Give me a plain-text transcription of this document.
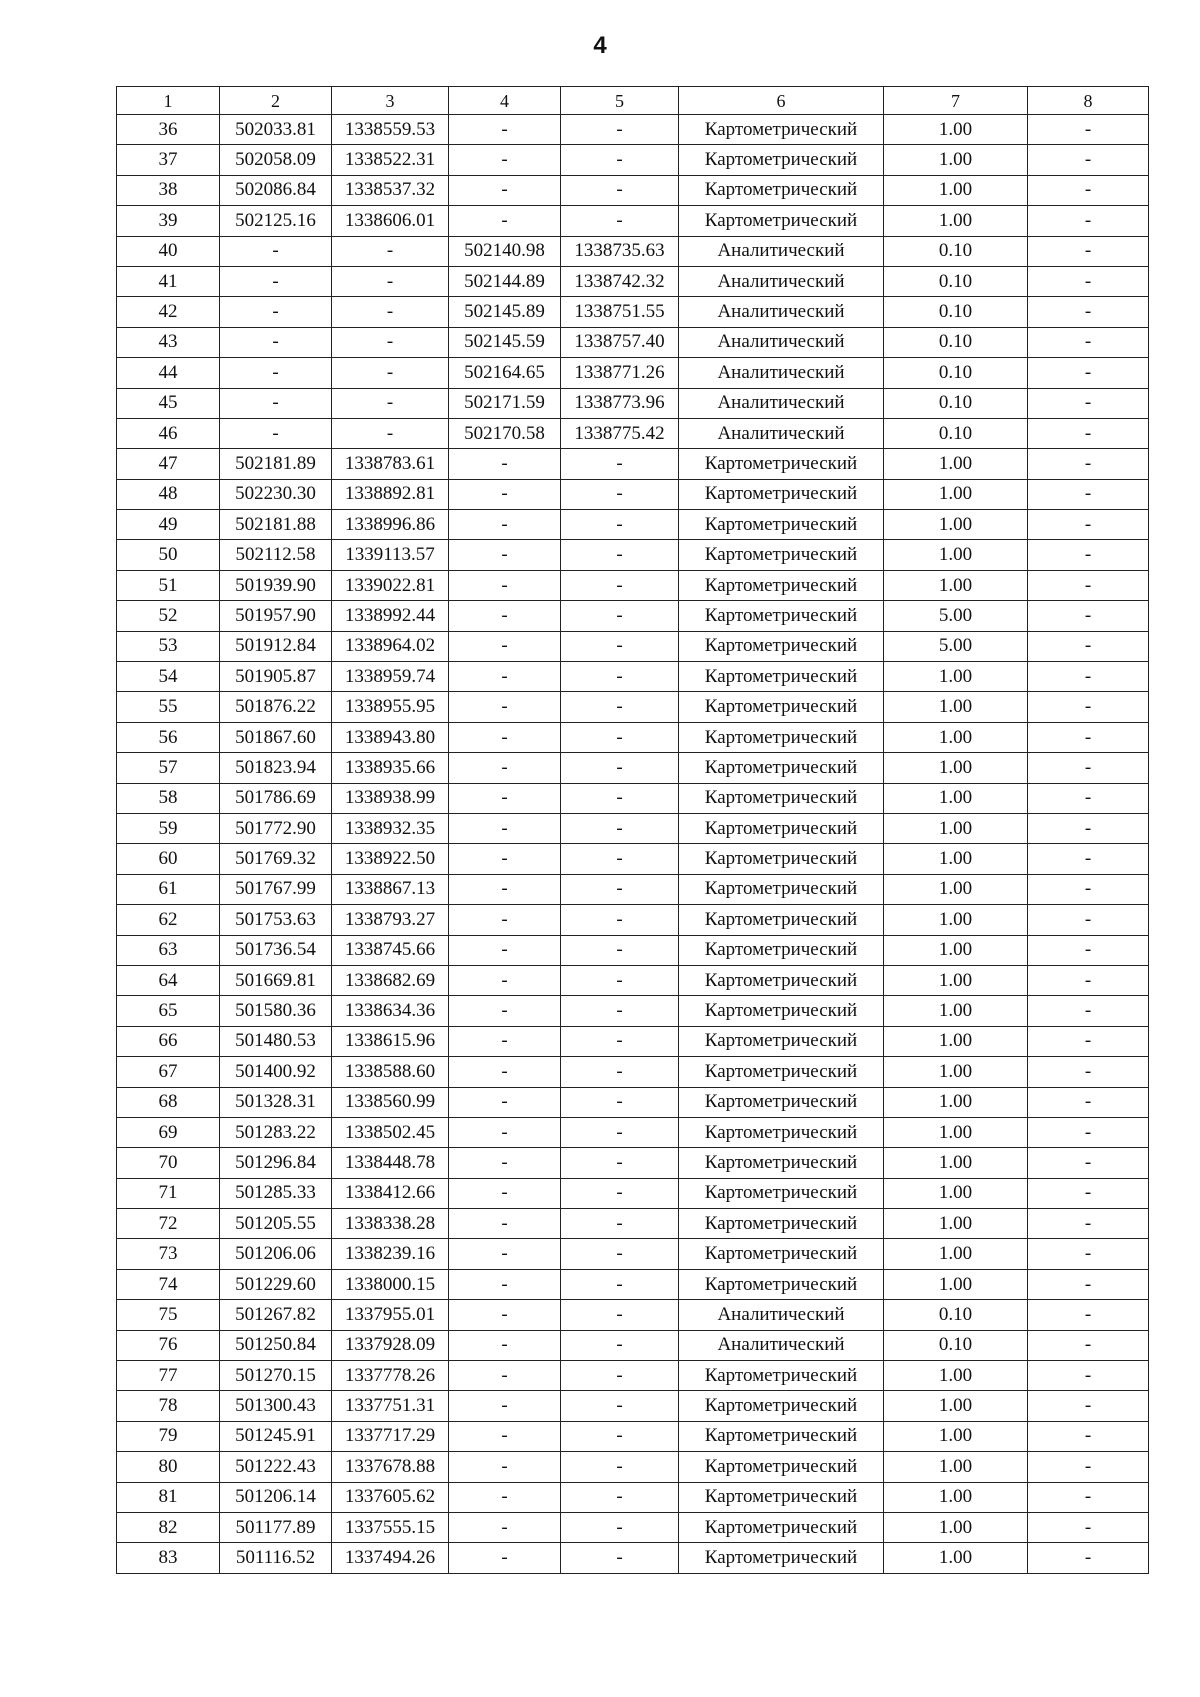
4
1	2	3	4	5	6	7	8
36	502033.81	1338559.53	-	-	Картометрический	1.00	-
37	502058.09	1338522.31	-	-	Картометрический	1.00	-
38	502086.84	1338537.32	-	-	Картометрический	1.00	-
39	502125.16	1338606.01	-	-	Картометрический	1.00	-
40	-	-	502140.98	1338735.63	Аналитический	0.10	-
41	-	-	502144.89	1338742.32	Аналитический	0.10	-
42	-	-	502145.89	1338751.55	Аналитический	0.10	-
43	-	-	502145.59	1338757.40	Аналитический	0.10	-
44	-	-	502164.65	1338771.26	Аналитический	0.10	-
45	-	-	502171.59	1338773.96	Аналитический	0.10	-
46	-	-	502170.58	1338775.42	Аналитический	0.10	-
47	502181.89	1338783.61	-	-	Картометрический	1.00	-
48	502230.30	1338892.81	-	-	Картометрический	1.00	-
49	502181.88	1338996.86	-	-	Картометрический	1.00	-
50	502112.58	1339113.57	-	-	Картометрический	1.00	-
51	501939.90	1339022.81	-	-	Картометрический	1.00	-
52	501957.90	1338992.44	-	-	Картометрический	5.00	-
53	501912.84	1338964.02	-	-	Картометрический	5.00	-
54	501905.87	1338959.74	-	-	Картометрический	1.00	-
55	501876.22	1338955.95	-	-	Картометрический	1.00	-
56	501867.60	1338943.80	-	-	Картометрический	1.00	-
57	501823.94	1338935.66	-	-	Картометрический	1.00	-
58	501786.69	1338938.99	-	-	Картометрический	1.00	-
59	501772.90	1338932.35	-	-	Картометрический	1.00	-
60	501769.32	1338922.50	-	-	Картометрический	1.00	-
61	501767.99	1338867.13	-	-	Картометрический	1.00	-
62	501753.63	1338793.27	-	-	Картометрический	1.00	-
63	501736.54	1338745.66	-	-	Картометрический	1.00	-
64	501669.81	1338682.69	-	-	Картометрический	1.00	-
65	501580.36	1338634.36	-	-	Картометрический	1.00	-
66	501480.53	1338615.96	-	-	Картометрический	1.00	-
67	501400.92	1338588.60	-	-	Картометрический	1.00	-
68	501328.31	1338560.99	-	-	Картометрический	1.00	-
69	501283.22	1338502.45	-	-	Картометрический	1.00	-
70	501296.84	1338448.78	-	-	Картометрический	1.00	-
71	501285.33	1338412.66	-	-	Картометрический	1.00	-
72	501205.55	1338338.28	-	-	Картометрический	1.00	-
73	501206.06	1338239.16	-	-	Картометрический	1.00	-
74	501229.60	1338000.15	-	-	Картометрический	1.00	-
75	501267.82	1337955.01	-	-	Аналитический	0.10	-
76	501250.84	1337928.09	-	-	Аналитический	0.10	-
77	501270.15	1337778.26	-	-	Картометрический	1.00	-
78	501300.43	1337751.31	-	-	Картометрический	1.00	-
79	501245.91	1337717.29	-	-	Картометрический	1.00	-
80	501222.43	1337678.88	-	-	Картометрический	1.00	-
81	501206.14	1337605.62	-	-	Картометрический	1.00	-
82	501177.89	1337555.15	-	-	Картометрический	1.00	-
83	501116.52	1337494.26	-	-	Картометрический	1.00	-
